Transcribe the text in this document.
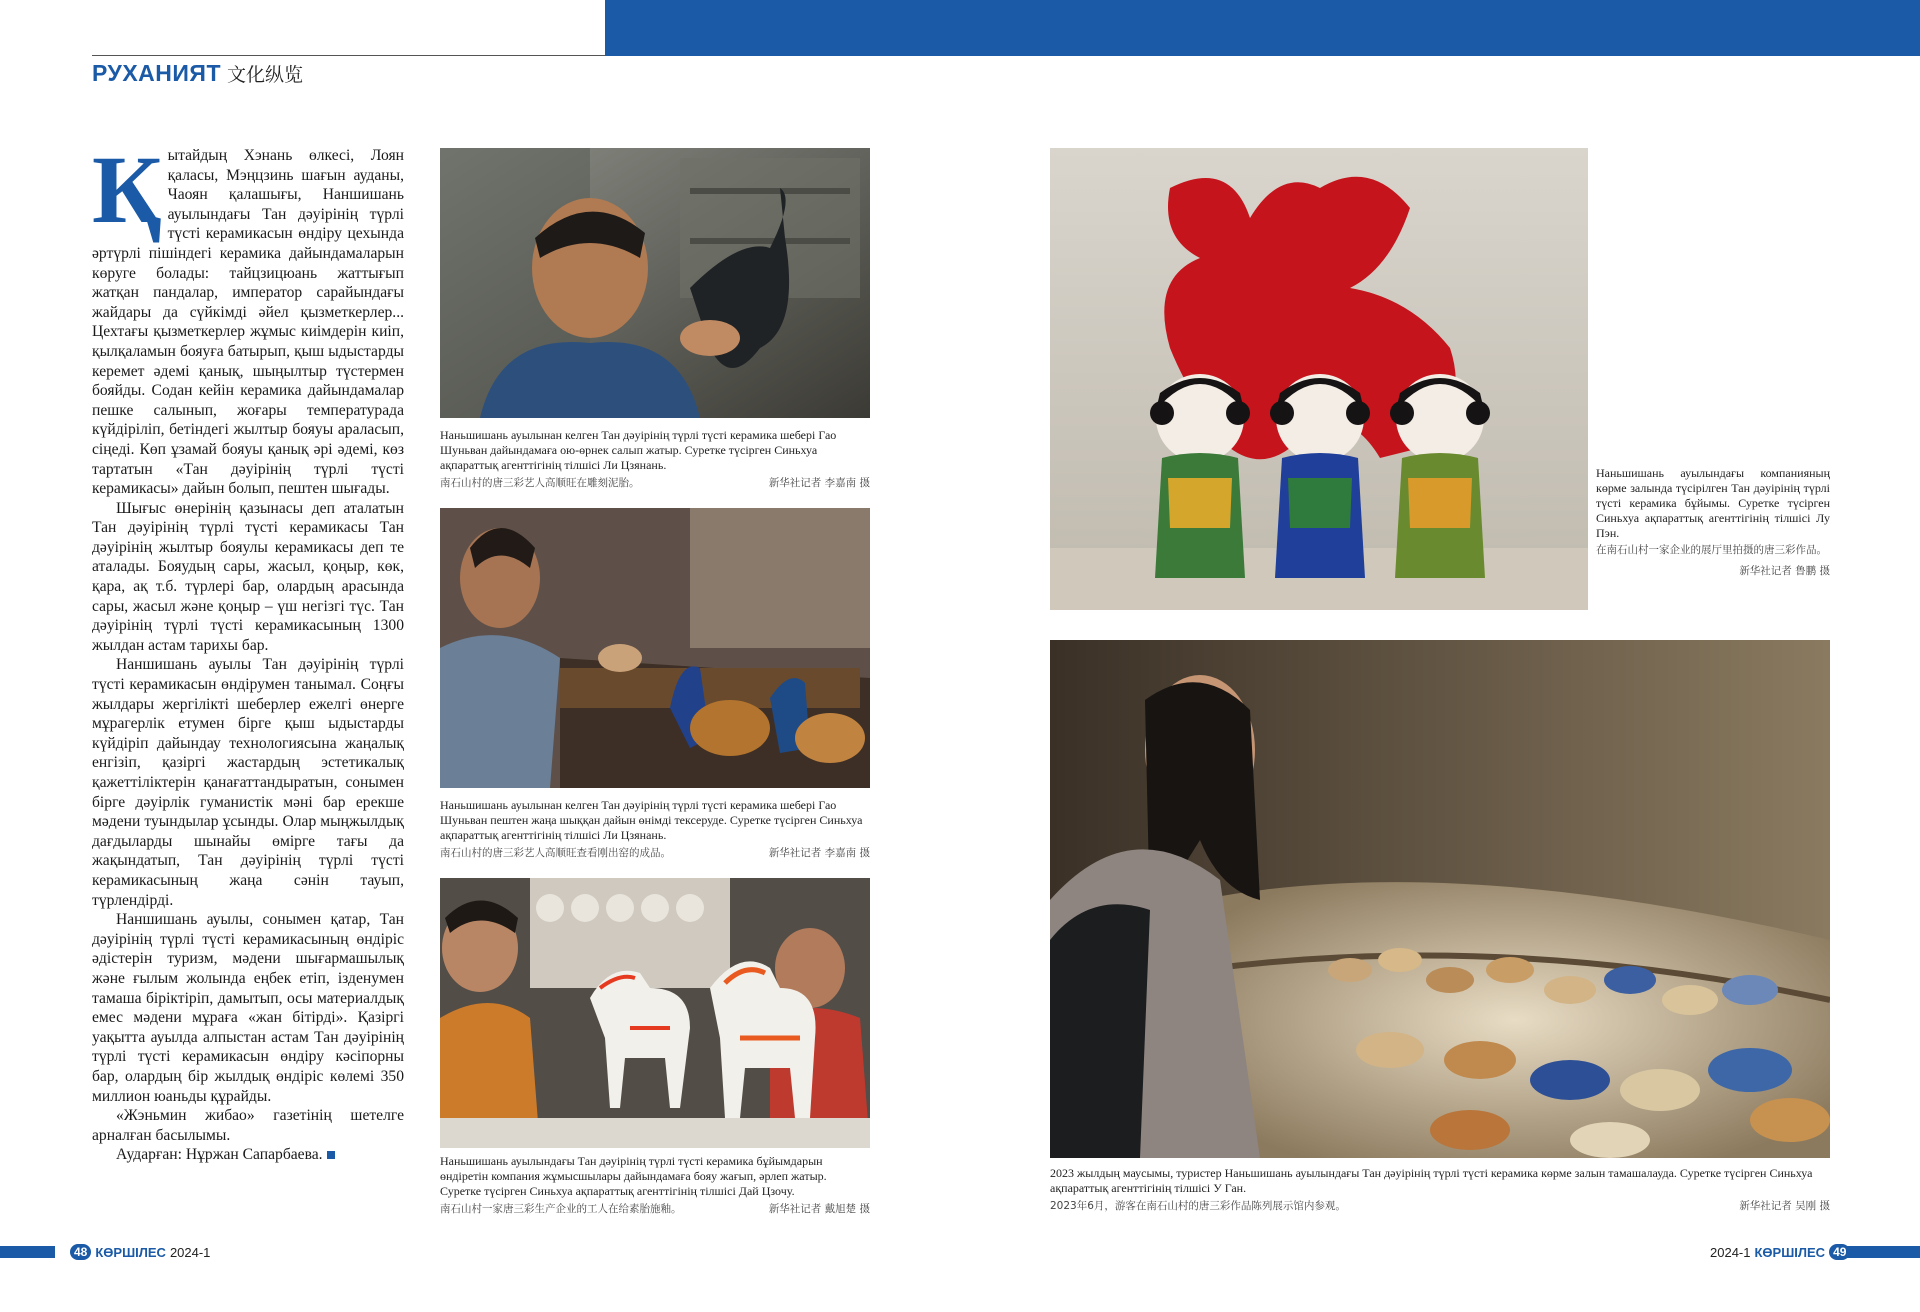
РУХАНИЯТ 文化纵览

Қытайдың Хэнань өлкесі, Лоян қаласы, Мэңцзинь шағын ауданы, Чаоян қалашығы, Наншишань ауылындағы Тан дәуірінің түрлі түсті керамикасын өндіру цехында әртүрлі пішіндегі керамика дайындамаларын көруге болады: тайцзицюань жаттығып жатқан пандалар, император сарайындағы жайдары да сүйкімді әйел қызметкерлер... Цехтағы қызметкерлер жұмыс киімдерін киіп, қылқаламын бояуға батырып, қыш ыдыстарды керемет әдемі қанық, шыңылтыр түстермен бояйды. Содан кейін керамика дайындамалар пешке салынып, жоғары температурада күйдіріліп, бетіндегі жылтыр бояуы араласып, сіңеді. Көп ұзамай бояуы қанық әрі әдемі, көз тартатын «Тан дәуірінің түрлі түсті керамикасы» дайын болып, пештен шығады.

Шығыс өнерінің қазынасы деп аталатын Тан дәуірінің түрлі түсті керамикасы Тан дәуірінің жылтыр бояулы керамикасы деп те аталады. Бояудың сары, жасыл, қоңыр, көк, қара, ақ т.б. түрлері бар, олардың арасында сары, жасыл және қоңыр – үш негізгі түс. Тан дәуірінің түрлі түсті керамикасының 1300 жылдан астам тарихы бар.

Наншишань ауылы Тан дәуірінің түрлі түсті керамикасын өндірумен танымал. Соңғы жылдары жергілікті шеберлер ежелгі өнерге мұрагерлік етумен бірге қыш ыдыстарды күйдіріп дайындау технологиясына жаңалық енгізіп, қазіргі жастардың эстетикалық қажеттіліктерін қанағаттандыратын, сонымен бірге дәуірлік гуманистік мәні бар ерекше мәдени туындылар ұсынды. Олар мыңжылдық дағдыларды шынайы өмірге тағы да жақындатып, Тан дәуірінің түрлі түсті керамикасының жаңа сәнін тауып, түрлендірді.

Наншишань ауылы, сонымен қатар, Тан дәуірінің түрлі түсті керамикасының өндіріс әдістерін туризм, мәдени шығармашылық және ғылым жолында еңбек етіп, ізденумен тамаша біріктіріп, дамытып, осы материалдық емес мәдени мұраға «жан бітірді». Қазіргі уақытта ауылда алпыстан астам Тан дәуірінің түрлі түсті керамикасын өндіру кәсіпорны бар, олардың бір жылдық өндіріс көлемі 350 миллион юаньды құрайды.

«Жэньмин жибао» газетінің шетелге арналған басылымы.

Аударған: Нұржан Сапарбаева.

Наньшишань ауылынан келген Тан дәуірінің түрлі түсті керамика шебері Гао Шуньван дайындамаға ою-өрнек салып жатыр. Суретке түсірген Синьхуа ақпараттық агенттігінің тілшісі Ли Цзянань.
南石山村的唐三彩艺人高顺旺在雕刻泥胎。	新华社记者 李嘉南 摄
Наньшишань ауылынан келген Тан дәуірінің түрлі түсті керамика шебері Гао Шуньван пештен жаңа шыққан дайын өнімді тексеруде. Суретке түсірген Синьхуа ақпараттық агенттігінің тілшісі Ли Цзянань.
南石山村的唐三彩艺人高顺旺查看刚出窑的成品。	新华社记者 李嘉南 摄
Наньшишань ауылындағы Тан дәуірінің түрлі түсті керамика бұйымдарын өндіретін компания жұмысшылары дайындамаға бояу жағып, әрлеп жатыр. Суретке түсірген Синьхуа ақпараттық агенттігінің тілшісі Дай Цзочу.
南石山村一家唐三彩生产企业的工人在给素胎施釉。	新华社记者 戴旭楚 摄
Наньшишань ауылындағы компанияның көрме залында түсірілген Тан дәуірінің түрлі түсті керамика бұйымы. Суретке түсірген Синьхуа ақпараттық агенттігінің тілшісі Лу Пэн.
在南石山村一家企业的展厅里拍摄的唐三彩作品。
新华社记者 鲁鹏 摄
2023 жылдың маусымы, туристер Наньшишань ауылындағы Тан дәуірінің түрлі түсті керамика көрме залын тамашалауда. Суретке түсірген Синьхуа ақпараттық агенттігінің тілшісі У Ган.
2023年6月，游客在南石山村的唐三彩作品陈列展示馆内参观。	新华社记者 吴刚 摄
48 КӨРШІЛЕС 2024-1	2024-1 КӨРШІЛЕС 49
